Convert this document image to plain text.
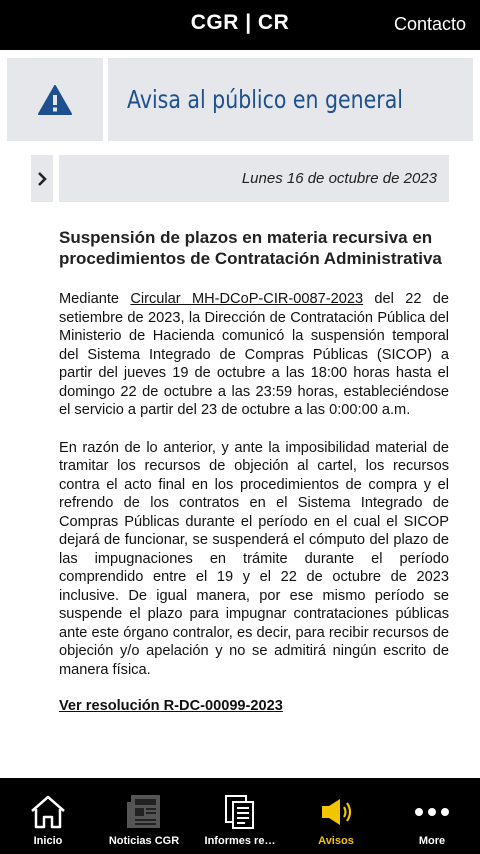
CGR | CR	Contacto
Avisa al público en general
Lunes 16 de octubre de 2023
Suspensión de plazos en materia recursiva en procedimientos de Contratación Administrativa

Mediante Circular MH-DCoP-CIR-0087-2023 del 22 de setiembre de 2023, la Dirección de Contratación Pública del Ministerio de Hacienda comunicó la suspensión temporal del Sistema Integrado de Compras Públicas (SICOP) a partir del jueves 19 de octubre a las 18:00 horas hasta el domingo 22 de octubre a las 23:59 horas, estableciéndose el servicio a partir del 23 de octubre a las 0:00:00 a.m.

En razón de lo anterior, y ante la imposibilidad material de tramitar los recursos de objeción al cartel, los recursos contra el acto final en los procedimientos de compra y el refrendo de los contratos en el Sistema Integrado de Compras Públicas durante el período en el cual el SICOP dejará de funcionar, se suspenderá el cómputo del plazo de las impugnaciones en trámite durante el período comprendido entre el 19 y el 22 de octubre de 2023 inclusive. De igual manera, por ese mismo período se suspende el plazo para impugnar contrataciones públicas ante este órgano contralor, es decir, para recibir recursos de objeción y/o apelación y no se admitirá ningún escrito de manera física.

Ver resolución R-DC-00099-2023
Inicio	Noticias CGR Informes re…	Avisos	More
